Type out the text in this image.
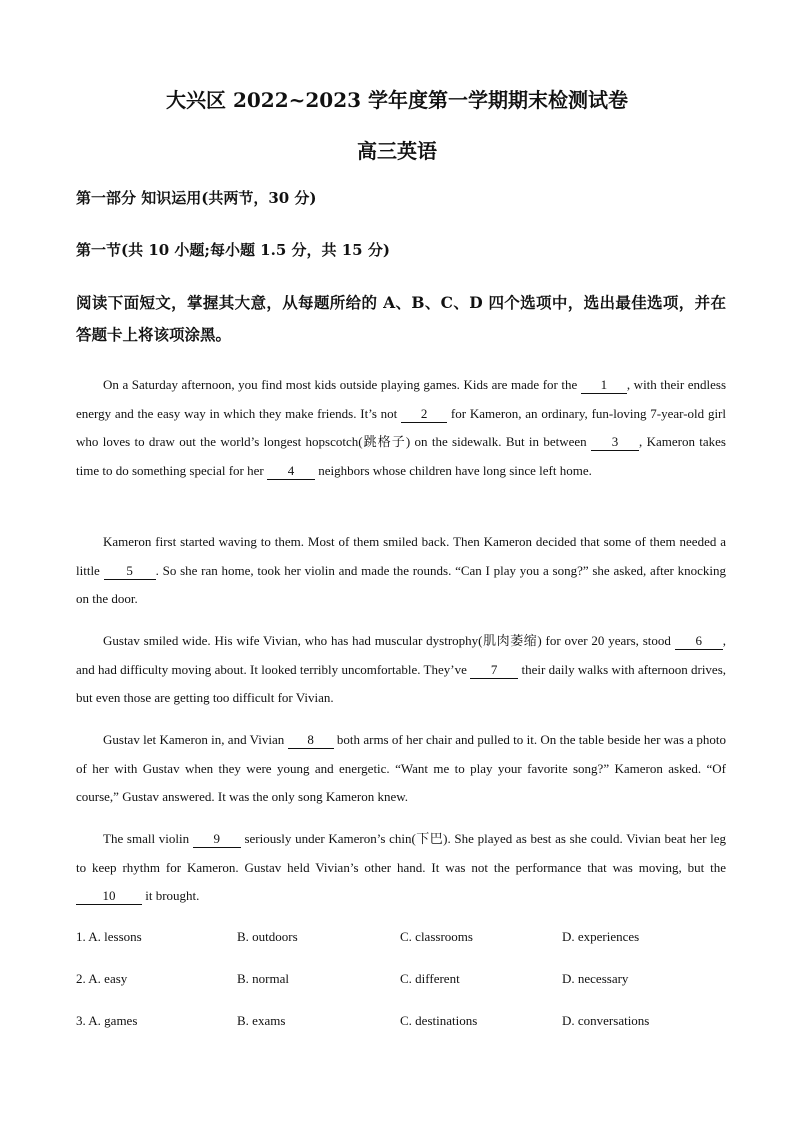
大兴区 2022~2023 学年度第一学期期末检测试卷
高三英语
第一部分 知识运用(共两节，30 分)
第一节(共 10 小题;每小题 1.5 分，共 15 分)
阅读下面短文，掌握其大意，从每题所给的 A、B、C、D 四个选项中，选出最佳选项，并在答题卡上将该项涂黑。

On a Saturday afternoon, you find most kids outside playing games. Kids are made for the 1 , with their endless energy and the easy way in which they make friends. It’s not 2 for Kameron, an ordinary, fun-loving 7-year-old girl who loves to draw out the world’s longest hopscotch(跳格子) on the sidewalk. But in between 3 , Kameron takes time to do something special for her 4 neighbors whose children have long since left home.

Kameron first started waving to them. Most of them smiled back. Then Kameron decided that some of them needed a little 5 . So she ran home, took her violin and made the rounds. “Can I play you a song?” she asked, after knocking on the door.

Gustav smiled wide. His wife Vivian, who has had muscular dystrophy(肌肉萎缩) for over 20 years, stood 6 , and had difficulty moving about. It looked terribly uncomfortable. They’ve 7 their daily walks with afternoon drives, but even those are getting too difficult for Vivian.

Gustav let Kameron in, and Vivian 8 both arms of her chair and pulled to it. On the table beside her was a photo of her with Gustav when they were young and energetic. “Want me to play your favorite song?” Kameron asked. “Of course,” Gustav answered. It was the only song Kameron knew.

The small violin 9 seriously under Kameron’s chin(下巴). She played as best as she could. Vivian beat her leg to keep rhythm for Kameron. Gustav held Vivian’s other hand. It was not the performance that was moving, but the 10 it brought.

1. A. lessons	B. outdoors	C. classrooms	D. experiences
2. A. easy	B. normal	C. different	D. necessary
3. A. games	B. exams	C. destinations	D. conversations
